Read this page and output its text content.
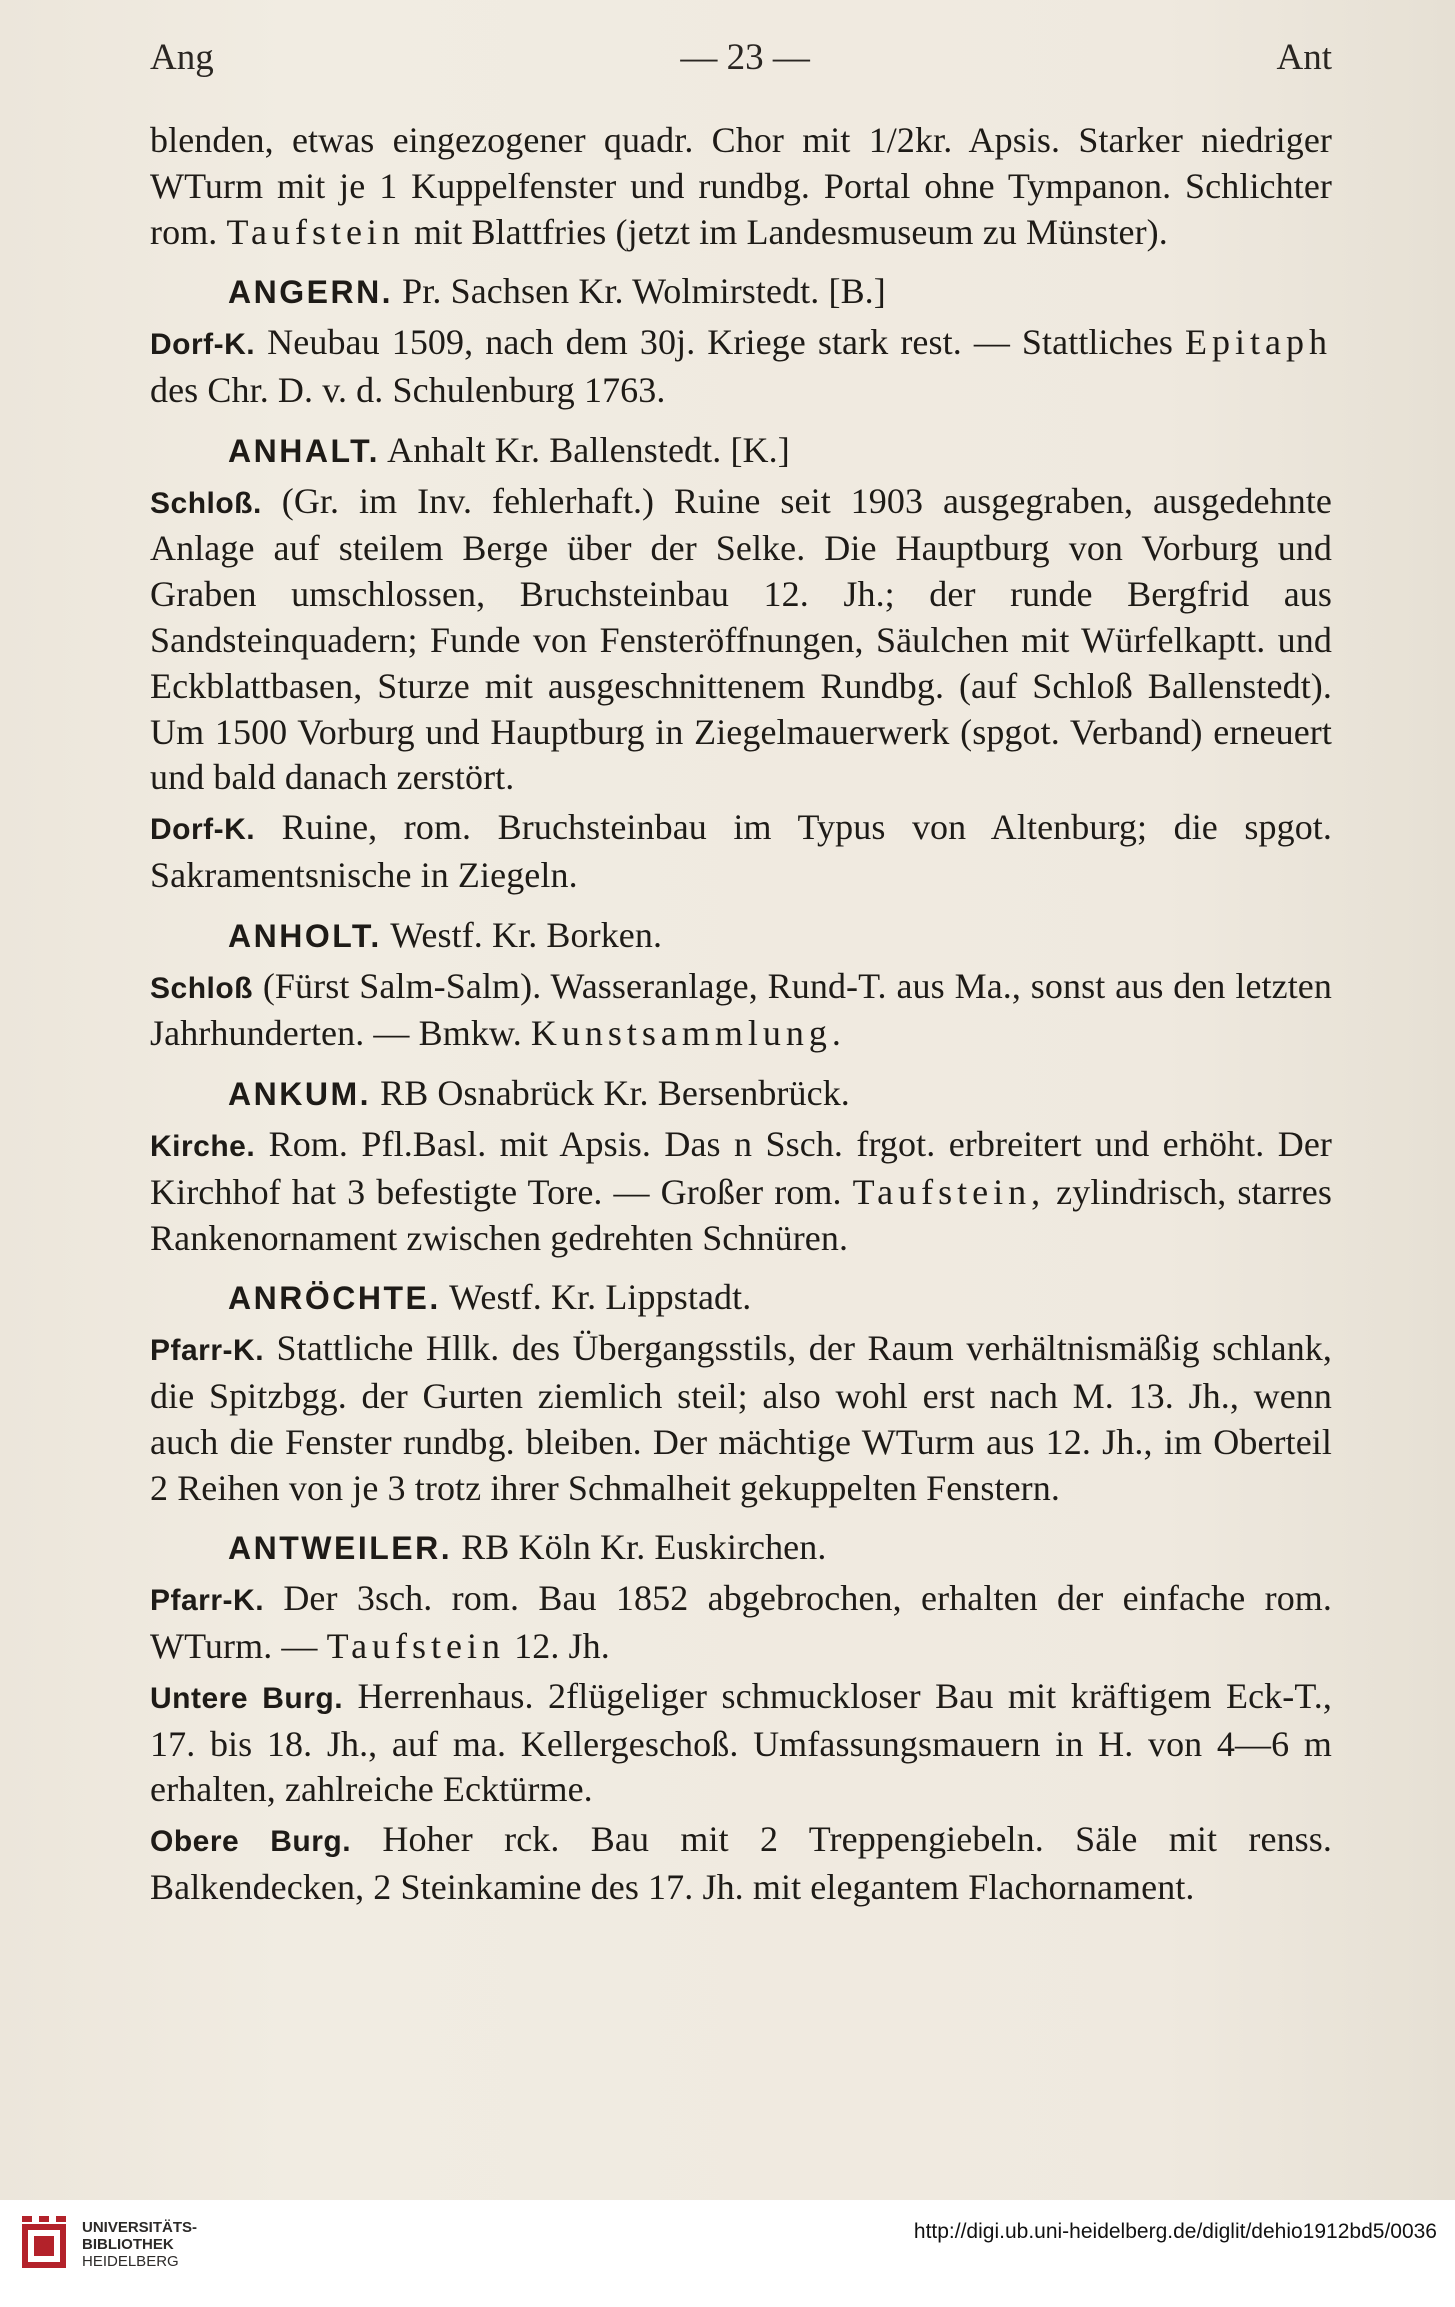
Ang	— 23 —	Ant

blenden, etwas eingezogener quadr. Chor mit 1/2kr. Apsis. Starker niedriger WTurm mit je 1 Kuppelfenster und rundbg. Portal ohne Tympanon. Schlichter rom. Taufstein mit Blattfries (jetzt im Landesmuseum zu Münster).

ANGERN. Pr. Sachsen Kr. Wolmirstedt. [B.]

Dorf-K. Neubau 1509, nach dem 30j. Kriege stark rest. — Stattliches Epitaph des Chr. D. v. d. Schulenburg 1763.

ANHALT. Anhalt Kr. Ballenstedt. [K.]

Schloß. (Gr. im Inv. fehlerhaft.) Ruine seit 1903 ausgegraben, ausgedehnte Anlage auf steilem Berge über der Selke. Die Hauptburg von Vorburg und Graben umschlossen, Bruchsteinbau 12. Jh.; der runde Bergfrid aus Sandsteinquadern; Funde von Fensteröffnungen, Säulchen mit Würfelkaptt. und Eckblattbasen, Sturze mit ausgeschnittenem Rundbg. (auf Schloß Ballenstedt). Um 1500 Vorburg und Hauptburg in Ziegelmauerwerk (spgot. Verband) erneuert und bald danach zerstört.

Dorf-K. Ruine, rom. Bruchsteinbau im Typus von Altenburg; die spgot. Sakramentsnische in Ziegeln.

ANHOLT. Westf. Kr. Borken.

Schloß (Fürst Salm-Salm). Wasseranlage, Rund-T. aus Ma., sonst aus den letzten Jahrhunderten. — Bmkw. Kunstsammlung.

ANKUM. RB Osnabrück Kr. Bersenbrück.

Kirche. Rom. Pfl.Basl. mit Apsis. Das n Ssch. frgot. erbreitert und erhöht. Der Kirchhof hat 3 befestigte Tore. — Großer rom. Taufstein, zylindrisch, starres Rankenornament zwischen gedrehten Schnüren.

ANRÖCHTE. Westf. Kr. Lippstadt.

Pfarr-K. Stattliche Hllk. des Übergangsstils, der Raum verhältnismäßig schlank, die Spitzbgg. der Gurten ziemlich steil; also wohl erst nach M. 13. Jh., wenn auch die Fenster rundbg. bleiben. Der mächtige WTurm aus 12. Jh., im Oberteil 2 Reihen von je 3 trotz ihrer Schmalheit gekuppelten Fenstern.

ANTWEILER. RB Köln Kr. Euskirchen.

Pfarr-K. Der 3sch. rom. Bau 1852 abgebrochen, erhalten der einfache rom. WTurm. — Taufstein 12. Jh.

Untere Burg. Herrenhaus. 2flügeliger schmuckloser Bau mit kräftigem Eck-T., 17. bis 18. Jh., auf ma. Kellergeschoß. Umfassungsmauern in H. von 4—6 m erhalten, zahlreiche Ecktürme.

Obere Burg. Hoher rck. Bau mit 2 Treppengiebeln. Säle mit renss. Balkendecken, 2 Steinkamine des 17. Jh. mit elegantem Flachornament.

UNIVERSITÄTS-
BIBLIOTHEK
HEIDELBERG
http://digi.ub.uni-heidelberg.de/diglit/dehio1912bd5/0036
